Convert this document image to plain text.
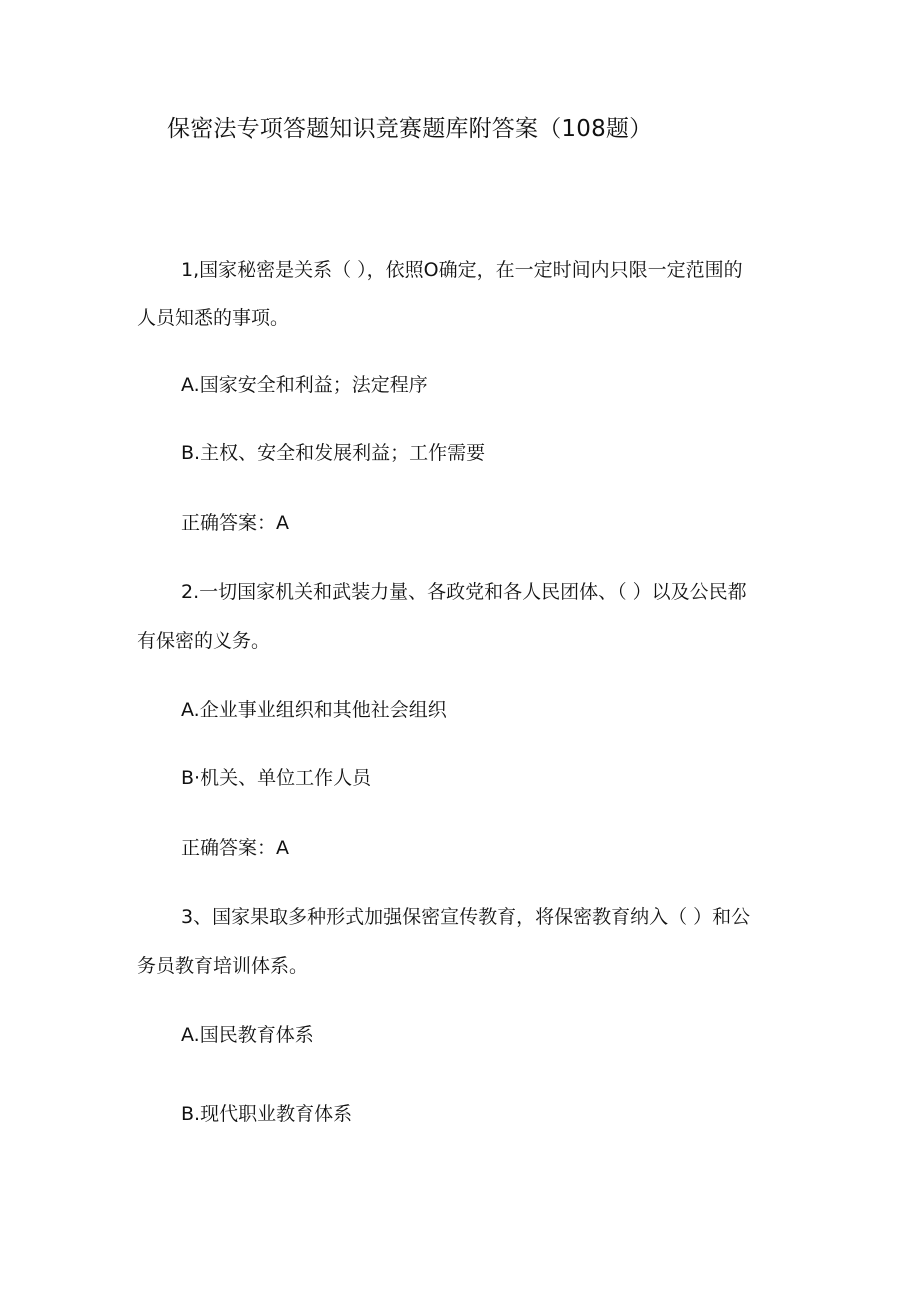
保密法专项答题知识竞赛题库附答案（108题）
1,国家秘密是关系（ ），依照O确定，在一定时间内只限一定范围的
人员知悉的事项。
A.国家安全和利益；法定程序
B.主权、安全和发展利益；工作需要
正确答案：A
2.一切国家机关和武装力量、各政党和各人民团体、（ ）以及公民都
有保密的义务。
A.企业事业组织和其他社会组织
B·机关、单位工作人员
正确答案：A
3、国家果取多种形式加强保密宣传教育，将保密教育纳入（ ）和公
务员教育培训体系。
A.国民教育体系
B.现代职业教育体系
